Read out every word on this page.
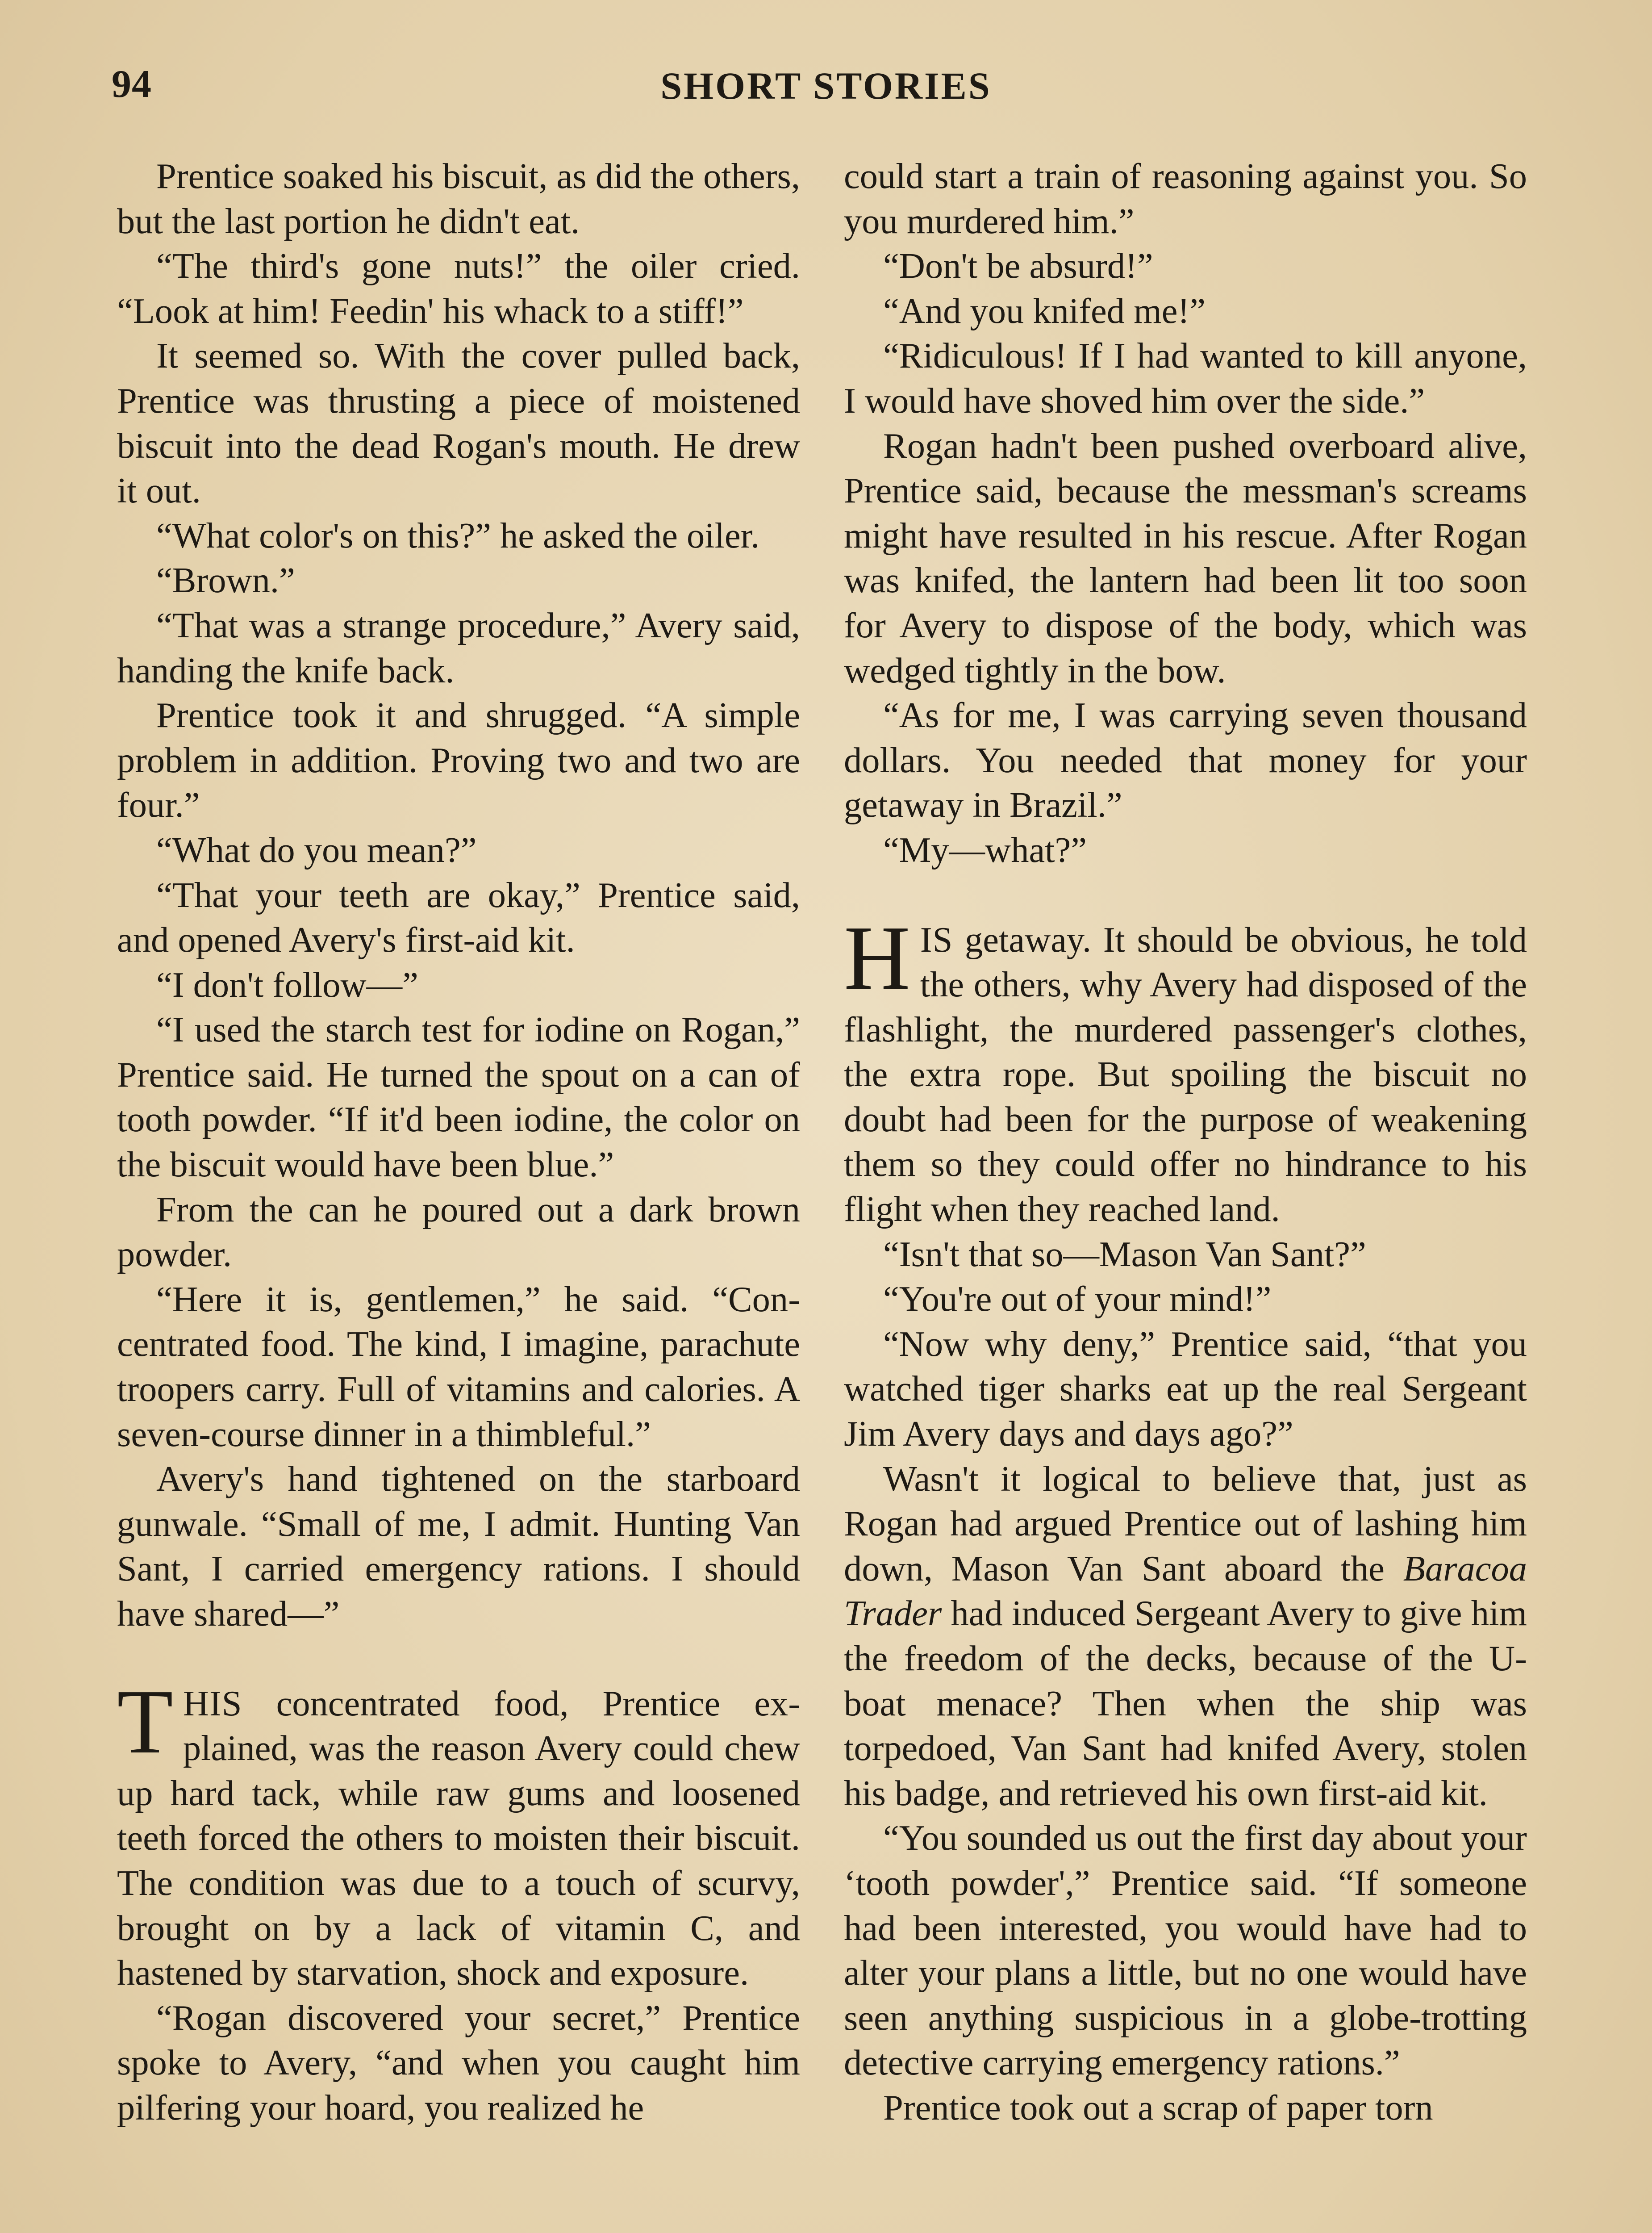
94	SHORT STORIES

Prentice soaked his biscuit, as did the others, but the last portion he didn't eat.

“The third's gone nuts!” the oiler cried. “Look at him! Feedin' his whack to a stiff!”

It seemed so. With the cover pulled back, Prentice was thrusting a piece of moistened biscuit into the dead Rogan's mouth. He drew it out.

“What color's on this?” he asked the oiler.

“Brown.”

“That was a strange procedure,” Avery said, handing the knife back.

Prentice took it and shrugged. “A simple problem in addition. Proving two and two are four.”

“What do you mean?”

“That your teeth are okay,” Prentice said, and opened Avery's first-aid kit.

“I don't follow—”

“I used the starch test for iodine on Rogan,” Prentice said. He turned the spout on a can of tooth powder. “If it'd been iodine, the color on the biscuit would have been blue.”

From the can he poured out a dark brown powder.

“Here it is, gentlemen,” he said. “Concentrated food. The kind, I imagine, parachute troopers carry. Full of vitamins and calories. A seven-course dinner in a thimbleful.”

Avery's hand tightened on the starboard gunwale. “Small of me, I admit. Hunting Van Sant, I carried emergency rations. I should have shared—”

THIS concentrated food, Prentice explained, was the reason Avery could chew up hard tack, while raw gums and loosened teeth forced the others to moisten their biscuit. The condition was due to a touch of scurvy, brought on by a lack of vitamin C, and hastened by starvation, shock and exposure.

“Rogan discovered your secret,” Prentice spoke to Avery, “and when you caught him pilfering your hoard, you realized he

could start a train of reasoning against you. So you murdered him.”

“Don't be absurd!”

“And you knifed me!”

“Ridiculous! If I had wanted to kill anyone, I would have shoved him over the side.”

Rogan hadn't been pushed overboard alive, Prentice said, because the messman's screams might have resulted in his rescue. After Rogan was knifed, the lantern had been lit too soon for Avery to dispose of the body, which was wedged tightly in the bow.

“As for me, I was carrying seven thousand dollars. You needed that money for your getaway in Brazil.”

“My—what?”

HIS getaway. It should be obvious, he told the others, why Avery had disposed of the flashlight, the murdered passenger's clothes, the extra rope. But spoiling the biscuit no doubt had been for the purpose of weakening them so they could offer no hindrance to his flight when they reached land.

“Isn't that so—Mason Van Sant?”

“You're out of your mind!”

“Now why deny,” Prentice said, “that you watched tiger sharks eat up the real Sergeant Jim Avery days and days ago?”

Wasn't it logical to believe that, just as Rogan had argued Prentice out of lashing him down, Mason Van Sant aboard the Baracoa Trader had induced Sergeant Avery to give him the freedom of the decks, because of the U-boat menace? Then when the ship was torpedoed, Van Sant had knifed Avery, stolen his badge, and retrieved his own first-aid kit.

“You sounded us out the first day about your ‘tooth powder',” Prentice said. “If someone had been interested, you would have had to alter your plans a little, but no one would have seen anything suspicious in a globe-trotting detective carrying emergency rations.”

Prentice took out a scrap of paper torn
